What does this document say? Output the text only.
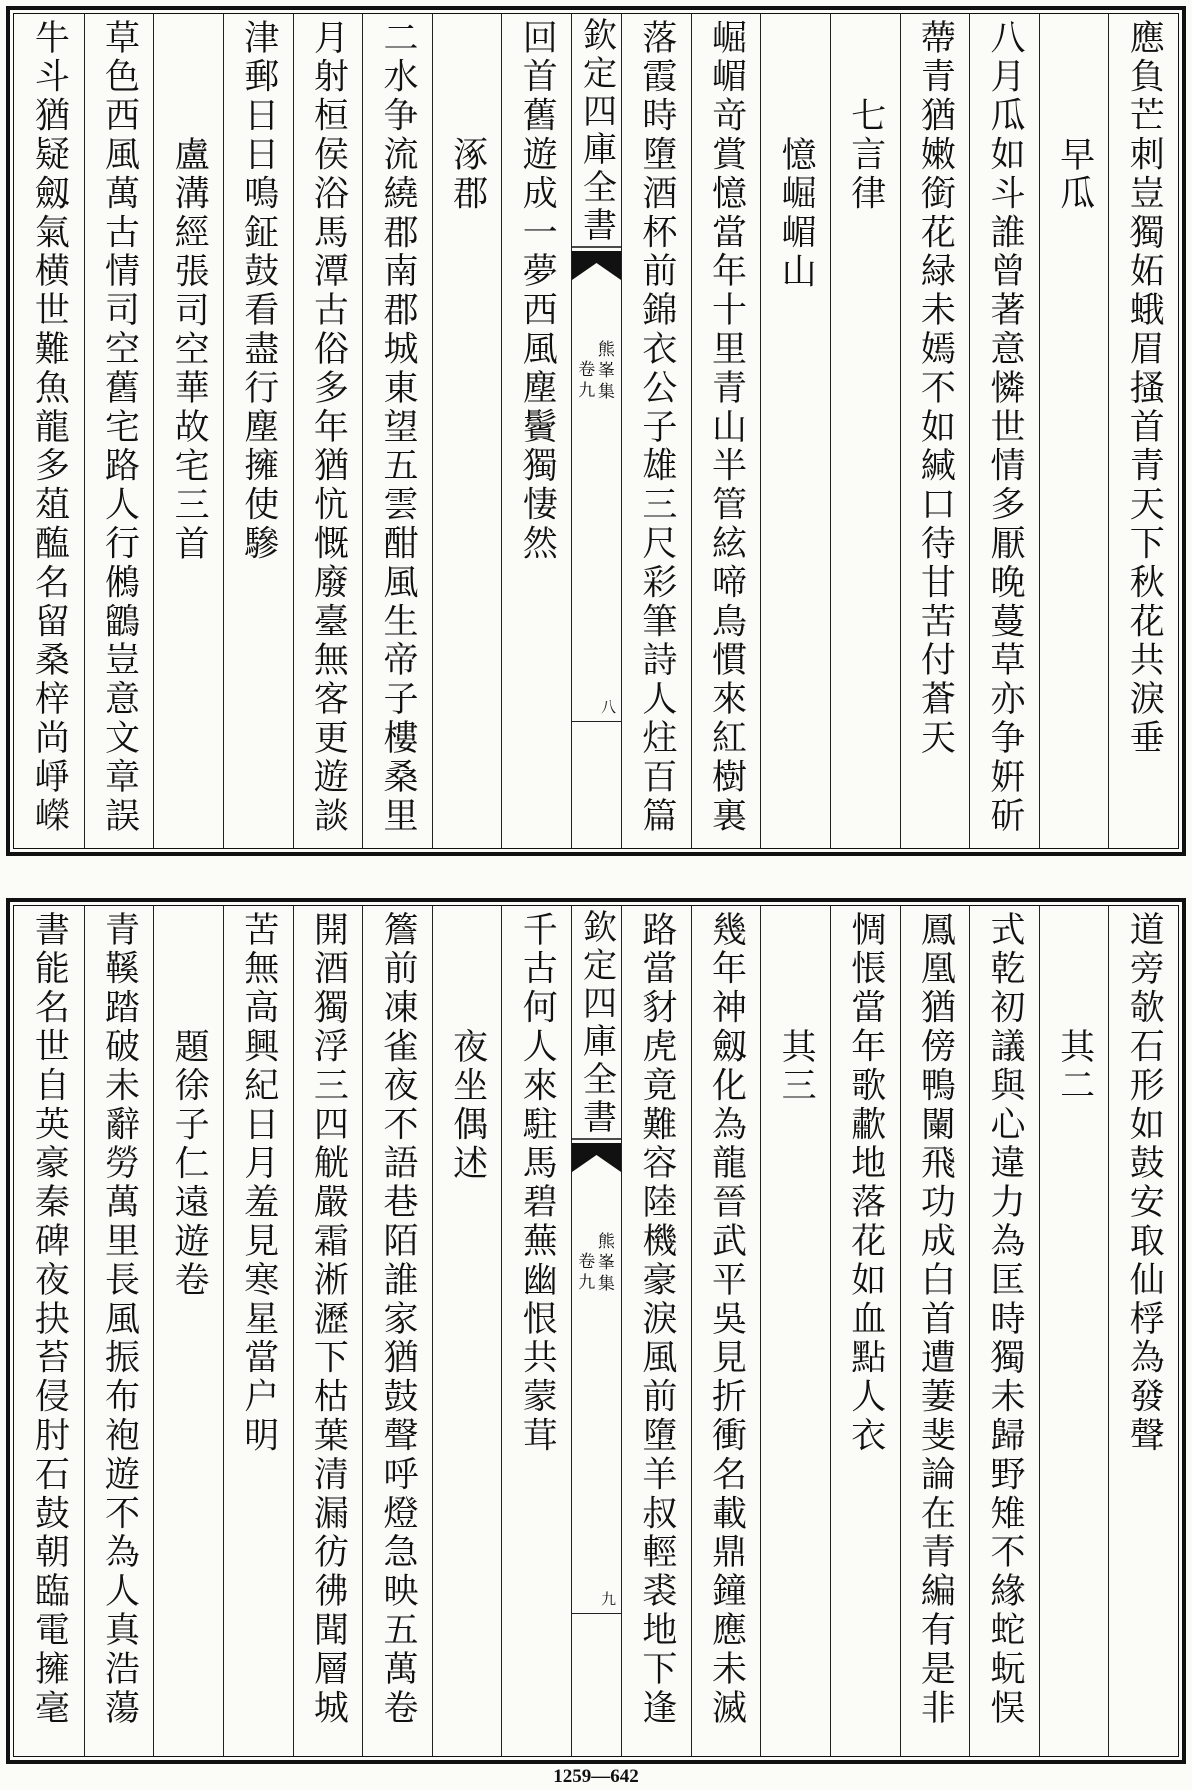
應負芒刺豈獨妬蛾眉搔首青天下秋花共淚垂
早瓜
八月瓜如斗誰曾著意憐世情多厭晚蔓草亦争姸斫
蔕青猶嫩銜花緑未嫣不如緘口待甘苦付蒼天
七言律
憶崛嵋山
崛嵋竒賞憶當年十里青山半管絃啼鳥慣來紅樹裏
落霞時墮酒杯前錦衣公子雄三尺彩筆詩人炷百篇
欽定四庫全書
熊峯集
卷九
八
回首舊遊成一夢西風塵鬢獨悽然
涿郡
二水争流繞郡南郡城東望五雲酣風生帝子樓桑里
月射桓侯浴馬潭古俗多年猶忼慨廢臺無客更遊談
津郵日日鳴鉦鼓看盡行塵擁使驂
盧溝經張司空華故宅三首
草色西風萬古情司空舊宅路人行鵂鶹豈意文章誤
牛斗猶疑劔氣横世難魚龍多葅醢名留桑梓尚崢嶸
道旁欹石形如鼓安取仙桴為發聲
其二
式乾初議與心違力為匡時獨未歸野雉不緣蛇蚖悮
鳳凰猶傍鴨闌飛功成白首遭萋斐論在青編有是非
惆悵當年歌歗地落花如血點人衣
其三
幾年神劔化為龍晉武平吳見折衝名載鼎鐘應未滅
路當豺虎竟難容陸機豪淚風前墮羊叔輕裘地下逢
欽定四庫全書
熊峯集
卷九
九
千古何人來駐馬碧蕪幽恨共蒙茸
夜坐偶述
簷前凍雀夜不語巷陌誰家猶鼓聲呼燈急映五萬卷
開酒獨浮三四觥嚴霜淅瀝下枯葉清漏彷彿聞層城
苦無高興紀日月羞見寒星當户明
題徐子仁遠遊卷
青鞵踏破未辭勞萬里長風振布袍遊不為人真浩蕩
書能名世自英豪秦碑夜抉苔侵肘石鼓朝臨電擁毫
1259—642
